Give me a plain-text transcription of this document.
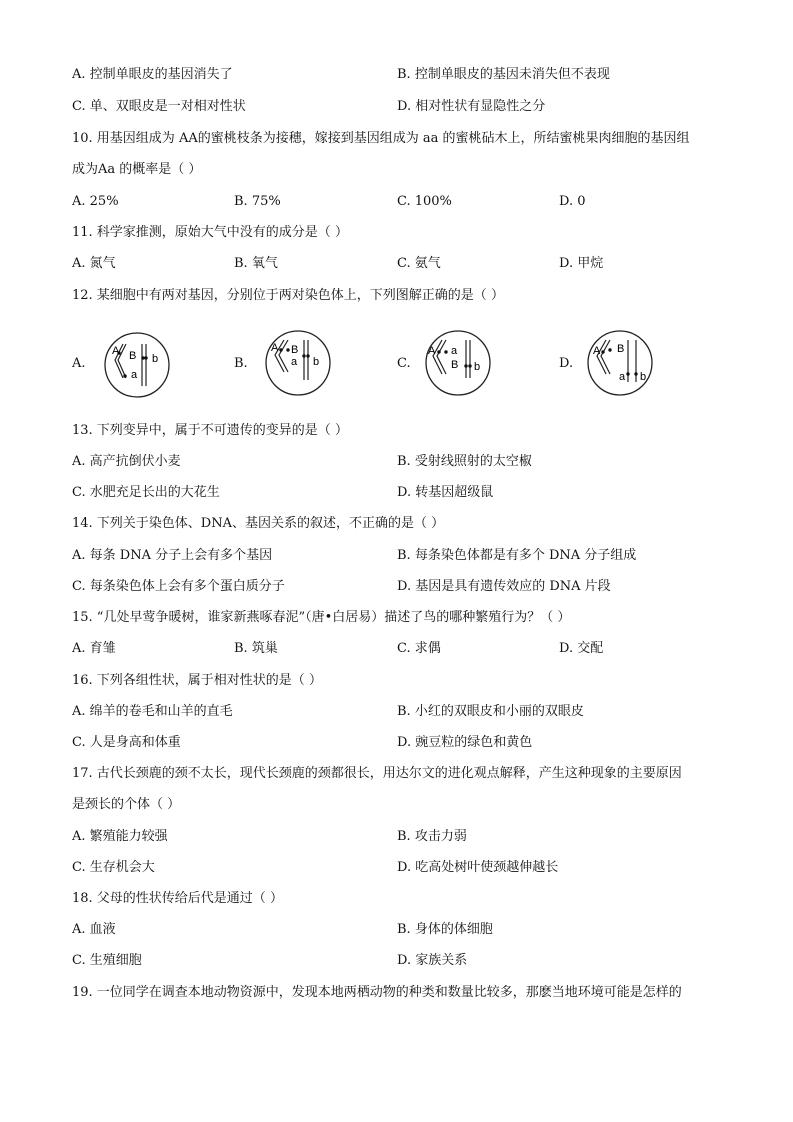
A. 控制单眼皮的基因消失了	B. 控制单眼皮的基因未消失但不表现
C. 单、双眼皮是一对相对性状	D. 相对性状有显隐性之分
10. 用基因组成为 AA的蜜桃枝条为接穗，嫁接到基因组成为 aa 的蜜桃砧木上，所结蜜桃果肉细胞的基因组
成为Aa 的概率是（ ）
A. 25%	B. 75%	C. 100%	D. 0
11. 科学家推测，原始大气中没有的成分是（ ）
A. 氮气	B. 氧气	C. 氨气	D. 甲烷
12. 某细胞中有两对基因，分别位于两对染色体上，下列图解正确的是（ ）
A.	B.	C.	D.
A B
a
b
A B
a b
A a
B b
A B
a b
13. 下列变异中，属于不可遗传的变异的是（ ）
A. 高产抗倒伏小麦	B. 受射线照射的太空椒
C. 水肥充足长出的大花生	D. 转基因超级鼠
14. 下列关于染色体、DNA、基因关系的叙述，不正确的是（ ）
A. 每条 DNA 分子上会有多个基因	B. 每条染色体都是有多个 DNA 分子组成
C. 每条染色体上会有多个蛋白质分子	D. 基因是具有遗传效应的 DNA 片段
15. “几处早莺争暖树，谁家新燕啄春泥”（唐•白居易）描述了鸟的哪种繁殖行为？（ ）
A. 育雏	B. 筑巢	C. 求偶	D. 交配
16. 下列各组性状，属于相对性状的是（ ）
A. 绵羊的卷毛和山羊的直毛	B. 小红的双眼皮和小丽的双眼皮
C. 人是身高和体重	D. 豌豆粒的绿色和黄色
17. 古代长颈鹿的颈不太长，现代长颈鹿的颈都很长，用达尔文的进化观点解释，产生这种现象的主要原因
是颈长的个体（ ）
A. 繁殖能力较强	B. 攻击力弱
C. 生存机会大	D. 吃高处树叶使颈越伸越长
18. 父母的性状传给后代是通过（ ）
A. 血液	B. 身体的体细胞
C. 生殖细胞	D. 家族关系
19. 一位同学在调查本地动物资源中，发现本地两栖动物的种类和数量比较多，那麽当地环境可能是怎样的
